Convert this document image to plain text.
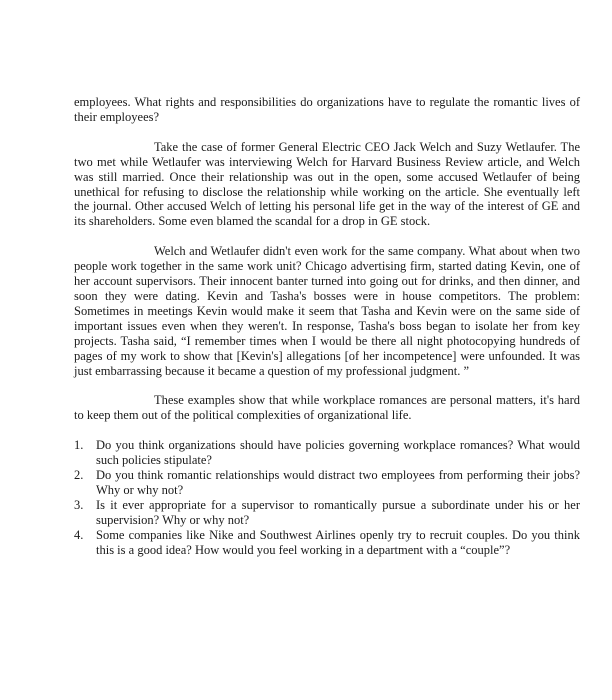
employees. What rights and responsibilities do organizations have to regulate the romantic lives of their employees?

Take the case of former General Electric CEO Jack Welch and Suzy Wetlaufer. The two met while Wetlaufer was interviewing Welch for Harvard Business Review article, and Welch was still married. Once their relationship was out in the open, some accused Wetlaufer of being unethical for refusing to disclose the relationship while working on the article. She eventually left the journal. Other accused Welch of letting his personal life get in the way of the interest of GE and its shareholders. Some even blamed the scandal for a drop in GE stock.

Welch and Wetlaufer didn't even work for the same company. What about when two people work together in the same work unit? Chicago advertising firm, started dating Kevin, one of her account supervisors. Their innocent banter turned into going out for drinks, and then dinner, and soon they were dating. Kevin and Tasha's bosses were in house competitors. The problem: Sometimes in meetings Kevin would make it seem that Tasha and Kevin were on the same side of important issues even when they weren't. In response, Tasha's boss began to isolate her from key projects. Tasha said, “I remember times when I would be there all night photocopying hundreds of pages of my work to show that [Kevin's] allegations [of her incompetence] were unfounded. It was just embarrassing because it became a question of my professional judgment. ”

These examples show that while workplace romances are personal matters, it's hard to keep them out of the political complexities of organizational life.

1.	Do you think organizations should have policies governing workplace romances? What would such policies stipulate?
2.	Do you think romantic relationships would distract two employees from performing their jobs? Why or why not?
3.	Is it ever appropriate for a supervisor to romantically pursue a subordinate under his or her supervision? Why or why not?
4.	Some companies like Nike and Southwest Airlines openly try to recruit couples. Do you think this is a good idea? How would you feel working in a department with a “couple”?
